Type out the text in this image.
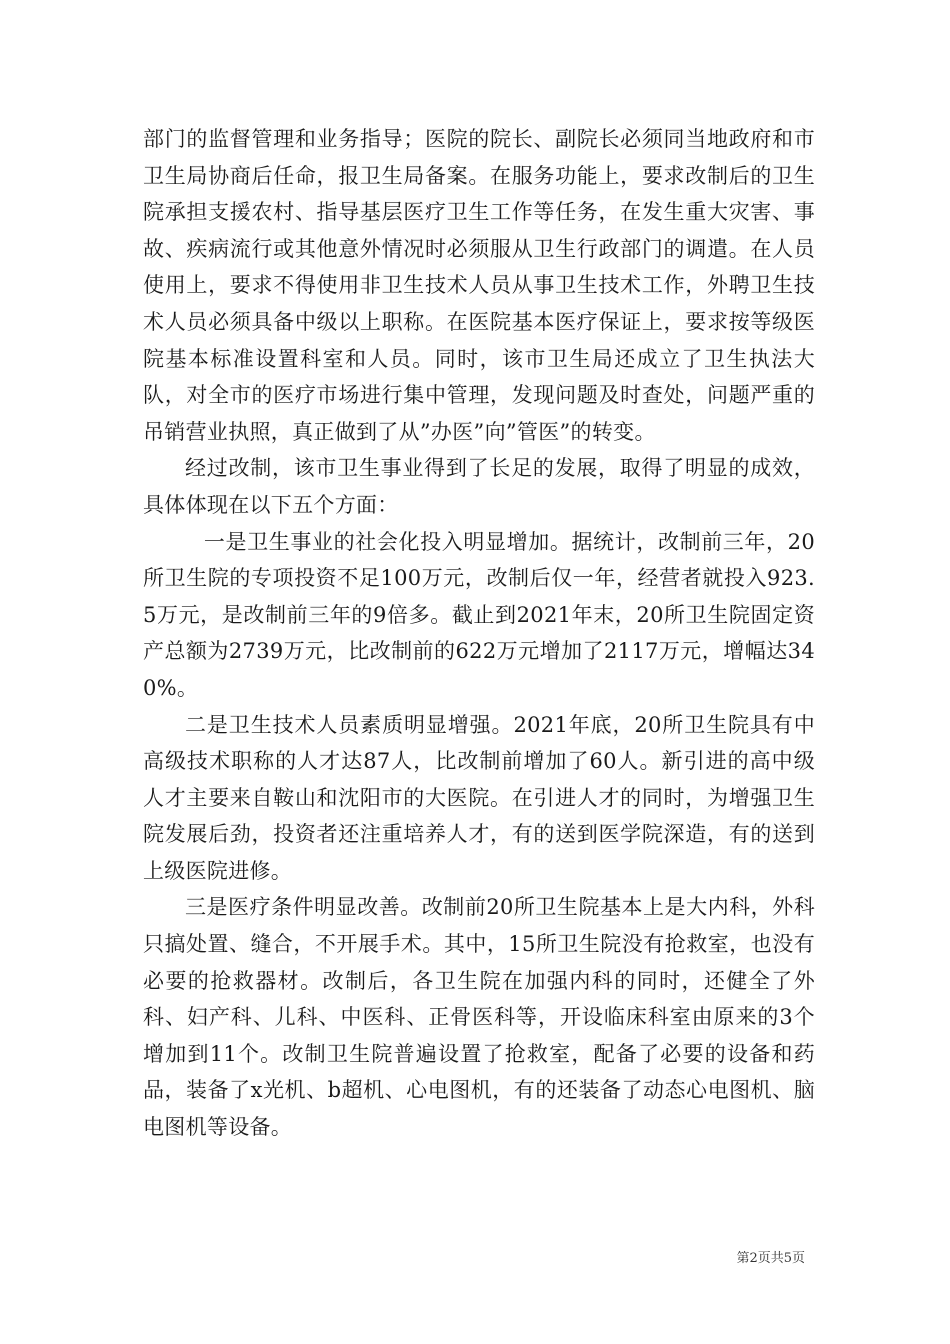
部门的监督管理和业务指导；医院的院长、副院长必须同当地政府和市卫生局协商后任命，报卫生局备案。在服务功能上，要求改制后的卫生院承担支援农村、指导基层医疗卫生工作等任务，在发生重大灾害、事故、疾病流行或其他意外情况时必须服从卫生行政部门的调遣。在人员使用上，要求不得使用非卫生技术人员从事卫生技术工作，外聘卫生技术人员必须具备中级以上职称。在医院基本医疗保证上，要求按等级医院基本标准设置科室和人员。同时，该市卫生局还成立了卫生执法大队，对全市的医疗市场进行集中管理，发现问题及时查处，问题严重的吊销营业执照，真正做到了从”办医”向”管医”的转变。

经过改制，该市卫生事业得到了长足的发展，取得了明显的成效，具体体现在以下五个方面：

一是卫生事业的社会化投入明显增加。据统计，改制前三年，20所卫生院的专项投资不足100万元，改制后仅一年，经营者就投入923.5万元，是改制前三年的9倍多。截止到2021年末，20所卫生院固定资产总额为2739万元，比改制前的622万元增加了2117万元，增幅达340%。

二是卫生技术人员素质明显增强。2021年底，20所卫生院具有中高级技术职称的人才达87人，比改制前增加了60人。新引进的高中级人才主要来自鞍山和沈阳市的大医院。在引进人才的同时，为增强卫生院发展后劲，投资者还注重培养人才，有的送到医学院深造，有的送到上级医院进修。

三是医疗条件明显改善。改制前20所卫生院基本上是大内科，外科只搞处置、缝合，不开展手术。其中，15所卫生院没有抢救室，也没有必要的抢救器材。改制后，各卫生院在加强内科的同时，还健全了外科、妇产科、儿科、中医科、正骨医科等，开设临床科室由原来的3个增加到11个。改制卫生院普遍设置了抢救室，配备了必要的设备和药品，装备了x光机、b超机、心电图机，有的还装备了动态心电图机、脑电图机等设备。

第2页共5页
